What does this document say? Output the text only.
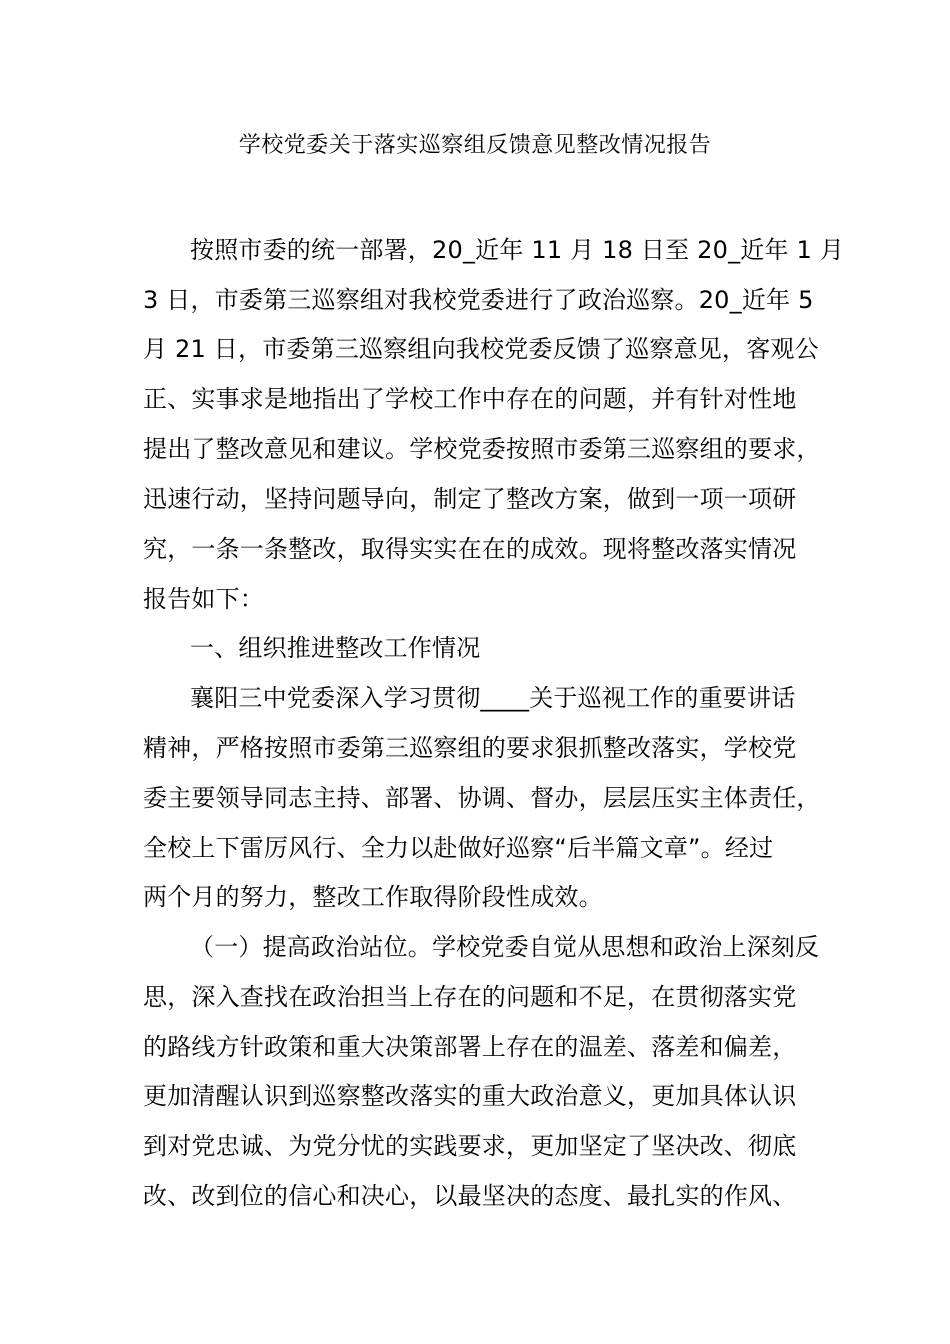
学校党委关于落实巡察组反馈意见整改情况报告
按照市委的统一部署，20_近年 11 月 18 日至 20_近年 1 月
3 日，市委第三巡察组对我校党委进行了政治巡察。20_近年 5
月 21 日，市委第三巡察组向我校党委反馈了巡察意见，客观公
正、实事求是地指出了学校工作中存在的问题，并有针对性地
提出了整改意见和建议。学校党委按照市委第三巡察组的要求，
迅速行动，坚持问题导向，制定了整改方案，做到一项一项研
究，一条一条整改，取得实实在在的成效。现将整改落实情况
报告如下：
一、组织推进整改工作情况
襄阳三中党委深入学习贯彻____关于巡视工作的重要讲话
精神，严格按照市委第三巡察组的要求狠抓整改落实，学校党
委主要领导同志主持、部署、协调、督办，层层压实主体责任，
全校上下雷厉风行、全力以赴做好巡察“后半篇文章”。经过
两个月的努力，整改工作取得阶段性成效。
（一）提高政治站位。学校党委自觉从思想和政治上深刻反
思，深入查找在政治担当上存在的问题和不足，在贯彻落实党
的路线方针政策和重大决策部署上存在的温差、落差和偏差，
更加清醒认识到巡察整改落实的重大政治意义，更加具体认识
到对党忠诚、为党分忧的实践要求，更加坚定了坚决改、彻底
改、改到位的信心和决心，以最坚决的态度、最扎实的作风、
